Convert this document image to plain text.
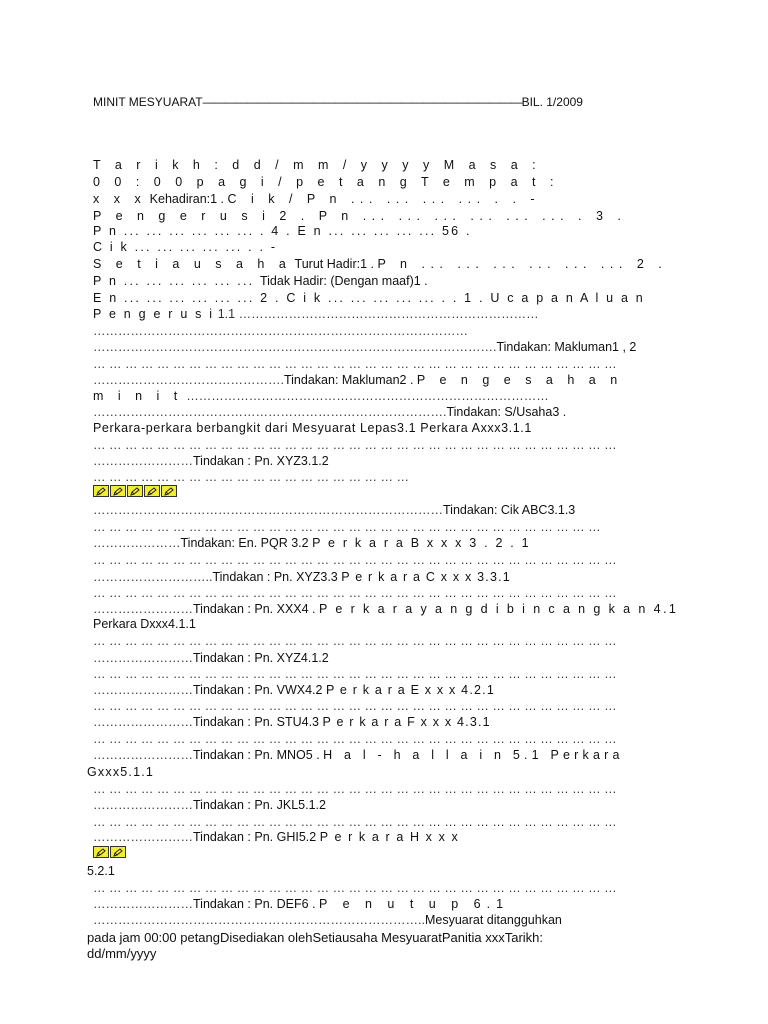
MINIT MESYUARAT—————————————————————————————BIL. 1/2009
T a r i k h : d d / m m / y y y y M a s a :
0 0 : 0 0 p a g i / p e t a n g T e m p a t :
x x x Kehadiran:1 . C i k / P n ... ... ... ... . . -
P e n g e r u s i 2 . P n ... ... ... ... ... ... . 3 .
P n ... ... ... ... ... ... . 4 . E n ... ... ... ... ... 56 .
C i k ... ... ... ... ... . . -
S e t i a u s a h a Turut Hadir:1 . P n ... ... ... ... ... ... 2 .
P n ... ... ... ... ... ... Tidak Hadir: (Dengan maaf)1 .
E n ... ... ... ... ... ... 2 . C i k ... ... ... ... ... . . 1 . U c a p a n A l u a n
P e n g e r u s i 1.1 ………………………………………………………………
………………………………………………………………………………
…………………………………………………………………………………….Tindakan: Makluman1 , 2
… … … … … … … … … … … … … … … … … … … … … … … … … … … … … … … … …
……………………………………….Tindakan: Makluman2 . P e n g e s a h a n
m i n i t ……………………………………………………………………………
………………………………………………………………………….Tindakan: S/Usaha3 .
Perkara-perkara berbangkit dari Mesyuarat Lepas3.1 Perkara Axxx3.1.1
… … … … … … … … … … … … … … … … … … … … … … … … … … … … … … … … …
……………………Tindakan : Pn. XYZ3.1.2
… … … … … … … … … … … … … … … … … … … …
…………………………………………………………………………Tindakan: Cik ABC3.1.3
… … … … … … … … … … … … … … … … … … … … … … … … … … … … … … … …
…………………Tindakan: En. PQR 3.2 P e r k a r a B x x x 3 . 2 . 1
… … … … … … … … … … … … … … … … … … … … … … … … … … … … … … … … …
………………………..Tindakan : Pn. XYZ3.3 P e r k a r a C x x x 3.3.1
… … … … … … … … … … … … … … … … … … … … … … … … … … … … … … … … …
……………………Tindakan : Pn. XXX4 . P e r k a r a y a n g d i b i n c a n g k a n 4.1
Perkara Dxxx4.1.1
… … … … … … … … … … … … … … … … … … … … … … … … … … … … … … … … …
……………………Tindakan : Pn. XYZ4.1.2
… … … … … … … … … … … … … … … … … … … … … … … … … … … … … … … … …
……………………Tindakan : Pn. VWX4.2 P e r k a r a E x x x 4.2.1
… … … … … … … … … … … … … … … … … … … … … … … … … … … … … … … … …
……………………Tindakan : Pn. STU4.3 P e r k a r a F x x x 4.3.1
… … … … … … … … … … … … … … … … … … … … … … … … … … … … … … … … …
……………………Tindakan : Pn. MNO5 . H a l - h a l l a i n 5.1 Perkara
Gxxx5.1.1
… … … … … … … … … … … … … … … … … … … … … … … … … … … … … … … … …
……………………Tindakan : Pn. JKL5.1.2
… … … … … … … … … … … … … … … … … … … … … … … … … … … … … … … … …
……………………Tindakan : Pn. GHI5.2 P e r k a r a H x x x
5.2.1
… … … … … … … … … … … … … … … … … … … … … … … … … … … … … … … … …
……………………Tindakan : Pn. DEF6 . P e n u t u p 6.1
……………………………………………………………………..Mesyuarat ditangguhkan
pada jam 00:00 petangDisediakan olehSetiausaha MesyuaratPanitia xxxTarikh:
dd/mm/yyyy
